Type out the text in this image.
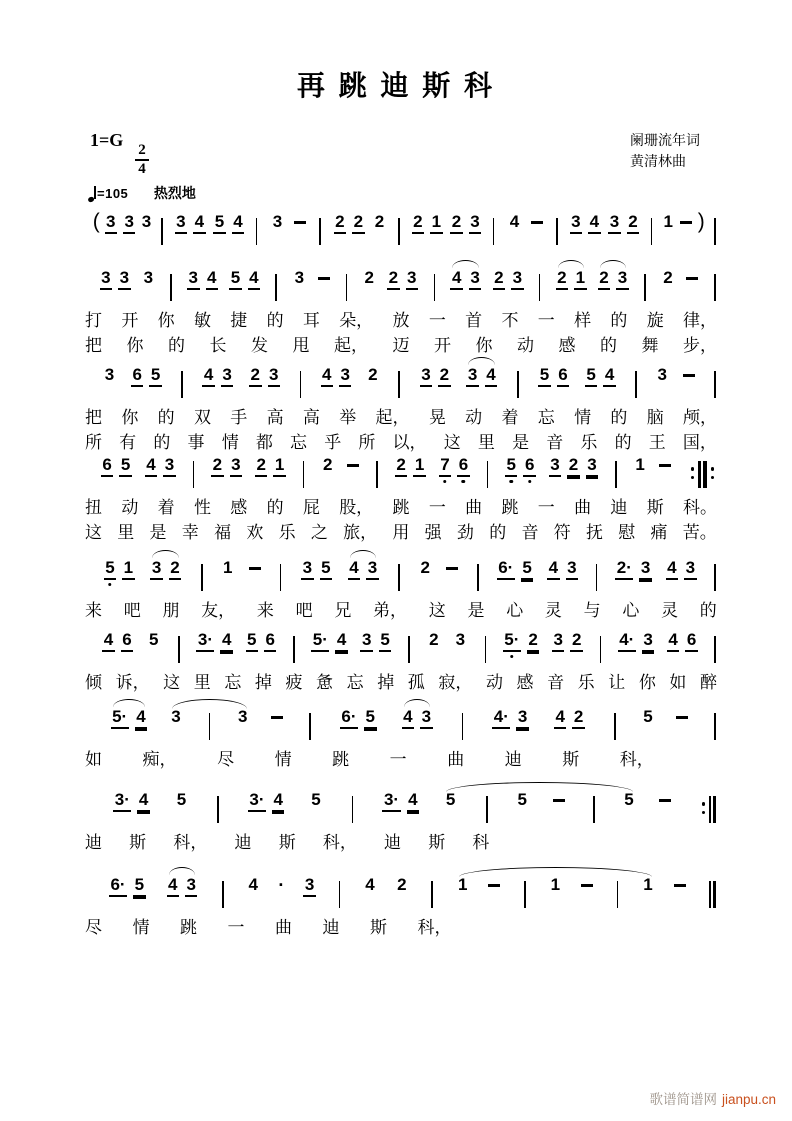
再 跳 迪 斯 科
1=G
$\frac{2}{4}$
阑珊流年词
黄清林曲
=105 热烈地
( 3 3 3 3 4 5 4 3	2 2 2 2 1 2 3 4	3 4 3 2 1 )
3 3 3 3 4 5 4 3	2 2 3 4 3 2 3 2 1 2 3 2
打 开 你 敏 捷 的 耳 朵， 放 一 首 不 一 样 的 旋 律，
把 你 的 长 发 甩 起， 迈 开 你 动 感 的 舞 步，
3 6 5	4 3 2 3	4 3 2	3 2 3 4	5 6 5 4	3
把 你 的 双 手 高 高 举 起， 晃 动 着 忘 情 的 脑 颅，
所 有 的 事 情 都 忘 乎 所 以， 这 里 是 音 乐 的 王 国，
6 5 4 3 2 3 2 1 2	2 1 7 6 5 6 3 2 3 1
扭 动 着 性 感 的 屁 股， 跳 一 曲 跳 一 曲 迪 斯 科。
这 里 是 幸 福 欢 乐 之 旅， 用 强 劲 的 音 符 抚 慰 痛 苦。
5 1 3 2	1	3 5 4 3	2	6· 5 4 3 2· 3 4 3
来 吧 朋 友， 来 吧 兄 弟， 这 是 心 灵 与 心 灵 的
4 6 5 3· 4 5 6 5· 4 3 5 2 3 5· 2 3 2 4· 3 4 6
倾 诉， 这 里 忘 掉 疲 惫 忘 掉 孤 寂， 动 感 音 乐 让 你 如 醉
5· 4 3	3	6· 5 4 3	4· 3 4 2	5
如 痴， 尽 情 跳 一 曲 迪 斯 科，
3· 4 5	3· 4 5	3· 4 5	5	5
迪 斯 科， 迪 斯 科， 迪 斯 科
6· 5 4 3	4 · 3	4 2	1	1	1
尽 情 跳 一 曲 迪 斯 科，
歌谱简谱网 jianpu.cn
